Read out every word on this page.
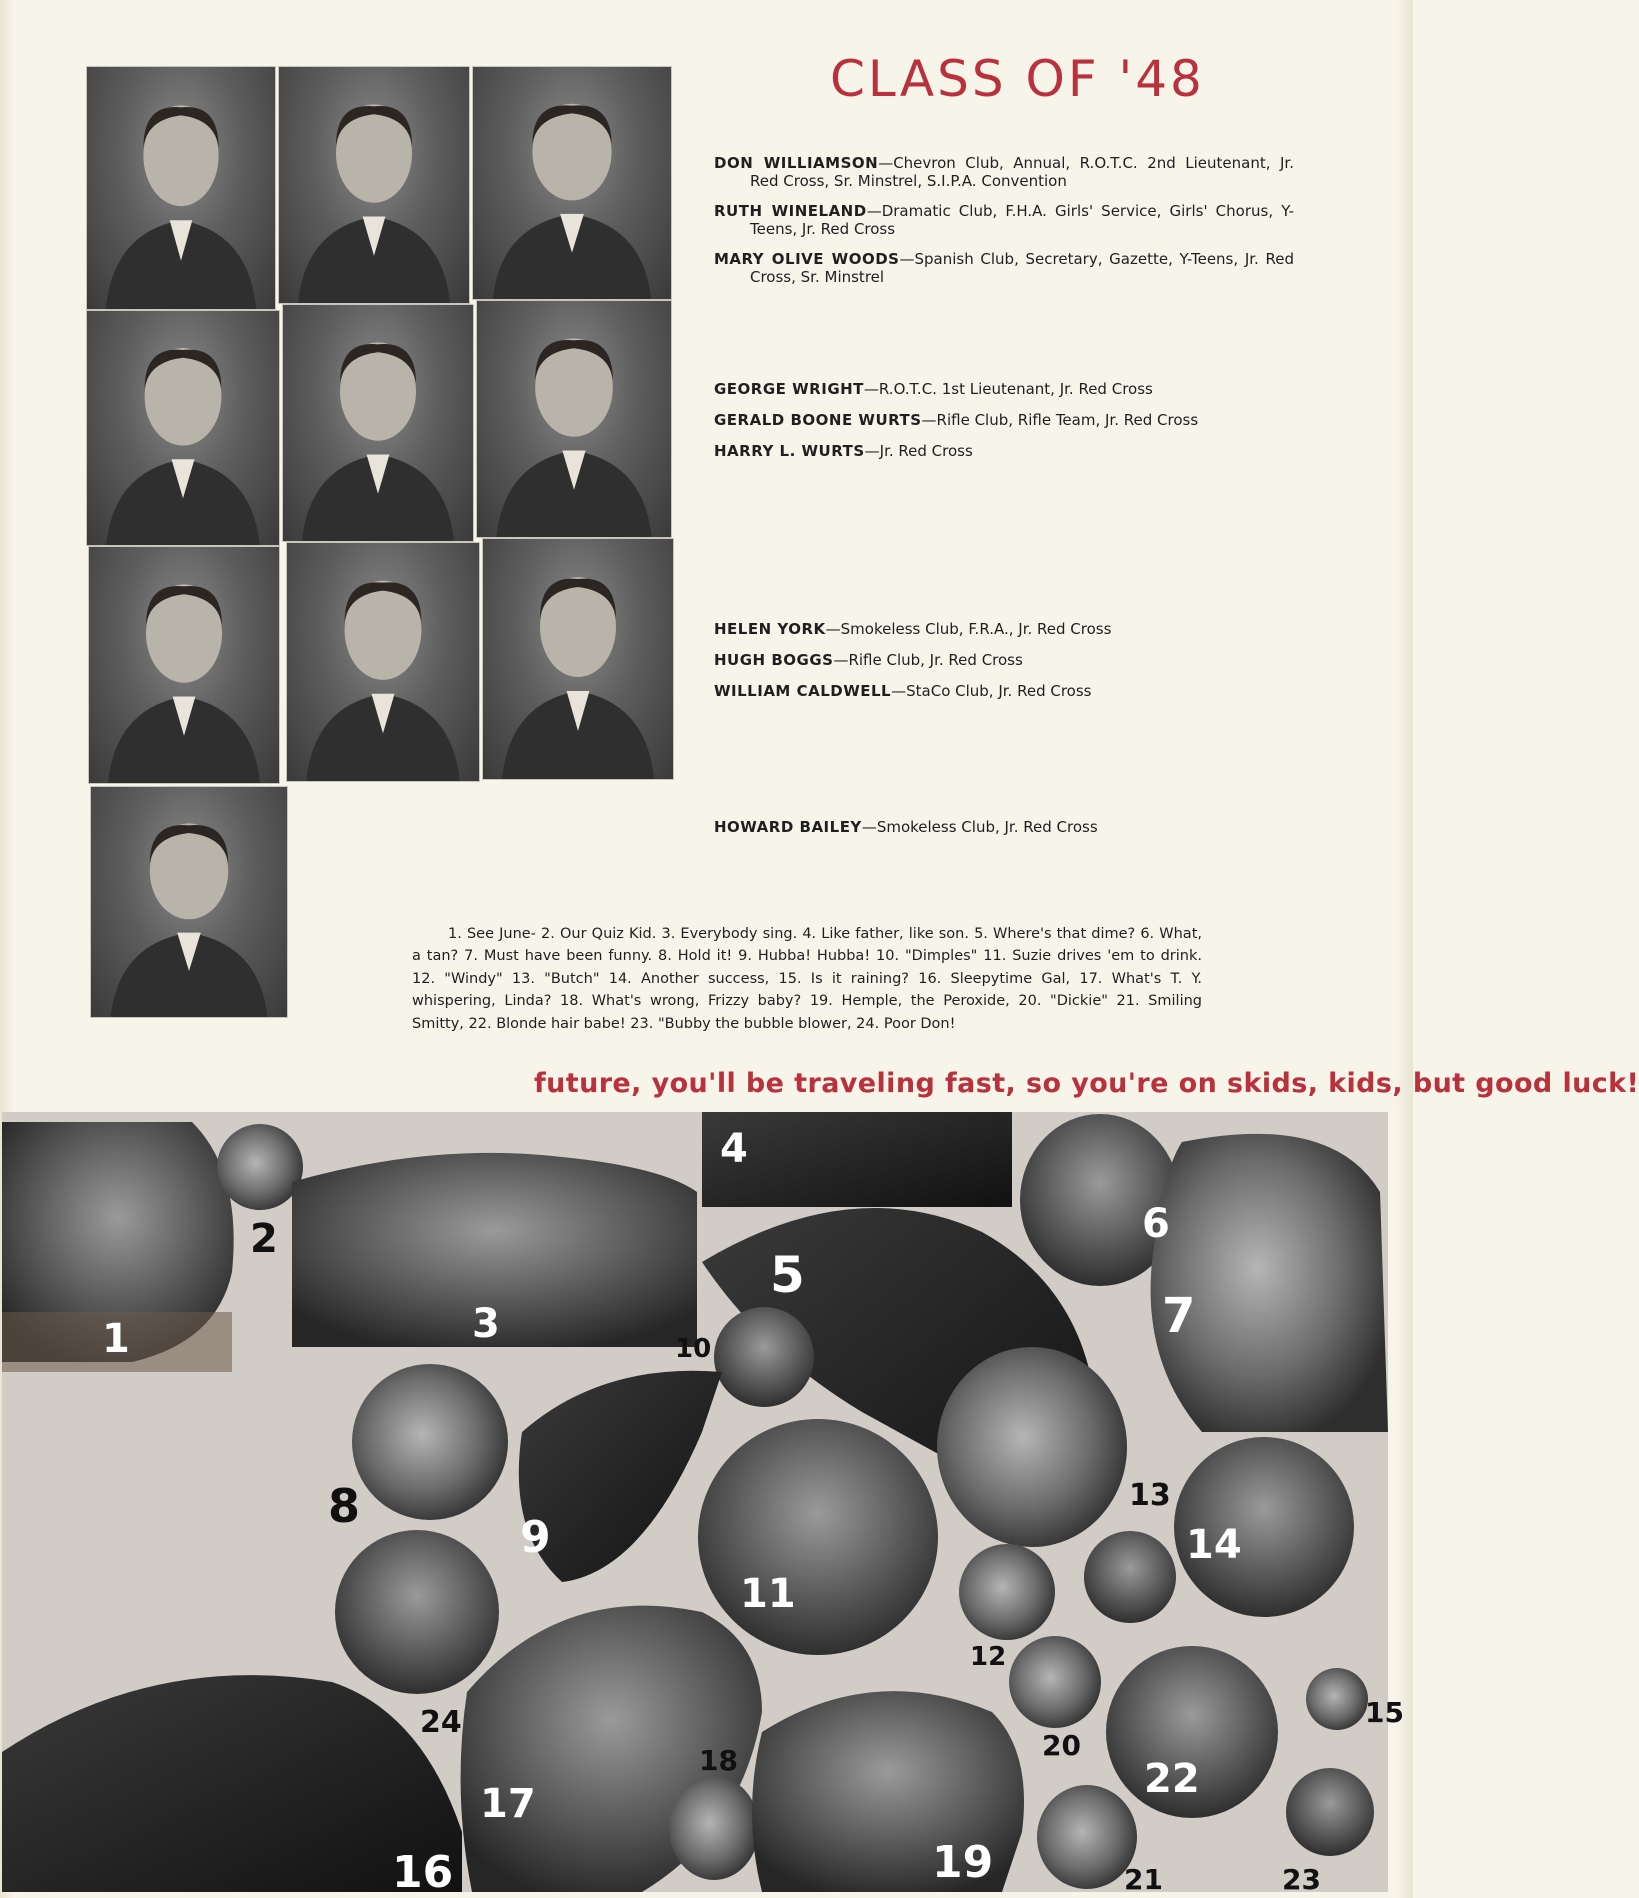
CLASS OF '48

DON WILLIAMSON—Chevron Club, Annual, R.O.T.C. 2nd Lieutenant, Jr. Red Cross, Sr. Minstrel, S.I.P.A. Convention

RUTH WINELAND—Dramatic Club, F.H.A. Girls' Service, Girls' Chorus, Y-Teens, Jr. Red Cross

MARY OLIVE WOODS—Spanish Club, Secretary, Gazette, Y-Teens, Jr. Red Cross, Sr. Minstrel

GEORGE WRIGHT—R.O.T.C. 1st Lieutenant, Jr. Red Cross

GERALD BOONE WURTS—Rifle Club, Rifle Team, Jr. Red Cross

HARRY L. WURTS—Jr. Red Cross

HELEN YORK—Smokeless Club, F.R.A., Jr. Red Cross

HUGH BOGGS—Rifle Club, Jr. Red Cross

WILLIAM CALDWELL—StaCo Club, Jr. Red Cross

HOWARD BAILEY—Smokeless Club, Jr. Red Cross

1. See June- 2. Our Quiz Kid. 3. Everybody sing. 4. Like father, like son. 5. Where's that dime? 6. What, a tan? 7. Must have been funny. 8. Hold it! 9. Hubba! Hubba! 10. "Dimples" 11. Suzie drives 'em to drink. 12. "Windy" 13. "Butch" 14. Another success, 15. Is it raining? 16. Sleepytime Gal, 17. What's T. Y. whispering, Linda? 18. What's wrong, Frizzy baby? 19. Hemple, the Peroxide, 20. "Dickie" 21. Smiling Smitty, 22. Blonde hair babe! 23. "Bubby the bubble blower, 24. Poor Don!

future, you'll be traveling fast, so you're on skids, kids, but good luck!

1
2
3
4
5
6
7
8
9
10
11
12
13
14
15
16
17
18
19
20
21
22
23
24
